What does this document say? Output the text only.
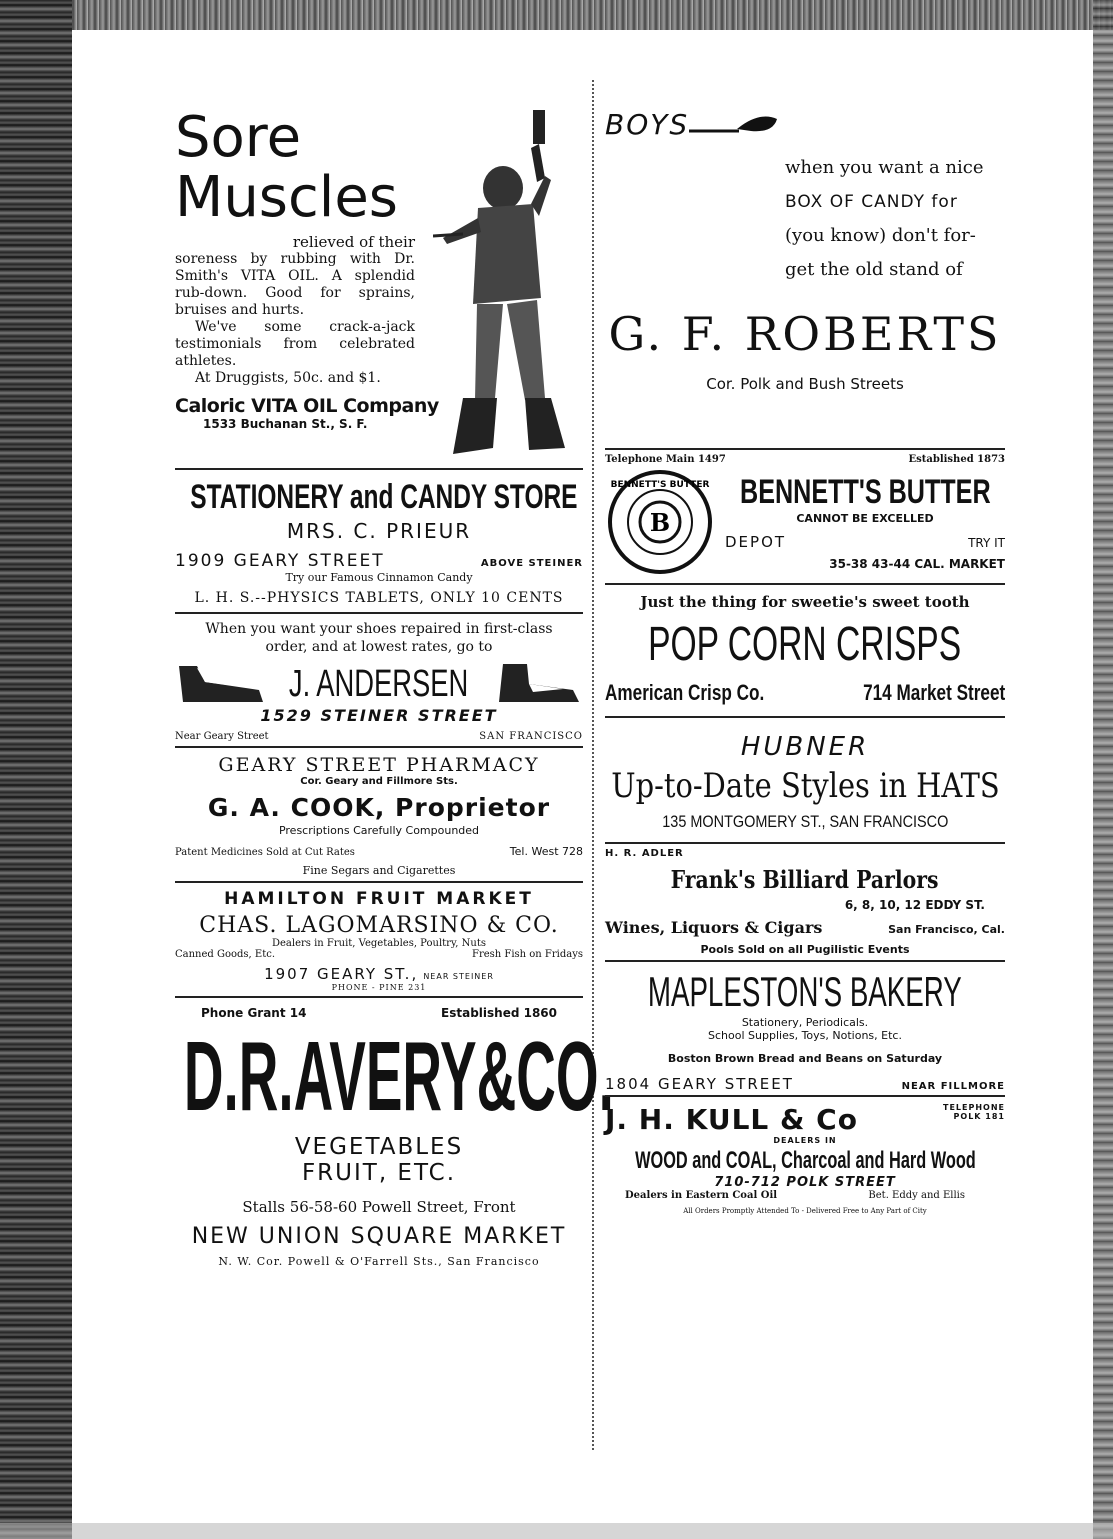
Sore
Muscles
relieved of their
soreness by rubbing with Dr. Smith's VITA OIL. A splendid rub-down. Good for sprains, bruises and hurts.
We've some crack-a-jack testimonials from celebrated athletes.
At Druggists, 50c. and $1.
Caloric VITA OIL Company
1533 Buchanan St., S. F.
STATIONERY and CANDY STORE
MRS. C. PRIEUR
1909 GEARY STREET	ABOVE STEINER
Try our Famous Cinnamon Candy
L. H. S.--PHYSICS TABLETS, ONLY 10 CENTS
When you want your shoes repaired in first-class order, and at lowest rates, go to
J. ANDERSEN
1529 STEINER STREET
Near Geary Street	SAN FRANCISCO
GEARY STREET PHARMACY
Cor. Geary and Fillmore Sts.
G. A. COOK, Proprietor
Prescriptions Carefully Compounded
Patent Medicines Sold at Cut Rates	Tel. West 728
Fine Segars and Cigarettes
HAMILTON FRUIT MARKET
CHAS. LAGOMARSINO & CO.
Dealers in Fruit, Vegetables, Poultry, Nuts
Canned Goods, Etc.	Fresh Fish on Fridays
1907 GEARY ST., NEAR STEINER
PHONE - PINE 231
Phone Grant 14	Established 1860
D.R.AVERY&CO.
VEGETABLES
FRUIT, ETC.
Stalls 56-58-60 Powell Street, Front
NEW UNION SQUARE MARKET
N. W. Cor. Powell & O'Farrell Sts., San Francisco
BOYS
when you want a nice
BOX OF CANDY for
(you know) don't for-
get the old stand of
G. F. ROBERTS
Cor. Polk and Bush Streets
Telephone Main 1497	Established 1873
B
BENNETT'S BUTTER BENNETT'S BUTTER
CANNOT BE EXCELLED
DEPOT	TRY IT
35-38 43-44 CAL. MARKET
Just the thing for sweetie's sweet tooth
POP CORN CRISPS
American Crisp Co.	714 Market Street
HUBNER
Up-to-Date Styles in HATS
135 MONTGOMERY ST., SAN FRANCISCO
H. R. ADLER
Frank's Billiard Parlors
6, 8, 10, 12 EDDY ST.
Wines, Liquors & Cigars	San Francisco, Cal.
Pools Sold on all Pugilistic Events
MAPLESTON'S BAKERY
Stationery, Periodicals.
School Supplies, Toys, Notions, Etc.
Boston Brown Bread and Beans on Saturday
1804 GEARY STREET	NEAR FILLMORE
J. H. KULL & Co	TELEPHONE
POLK 181
DEALERS IN
WOOD and COAL, Charcoal and Hard Wood
710-712 POLK STREET
Dealers in Eastern Coal Oil	Bet. Eddy and Ellis
All Orders Promptly Attended To - Delivered Free to Any Part of City
